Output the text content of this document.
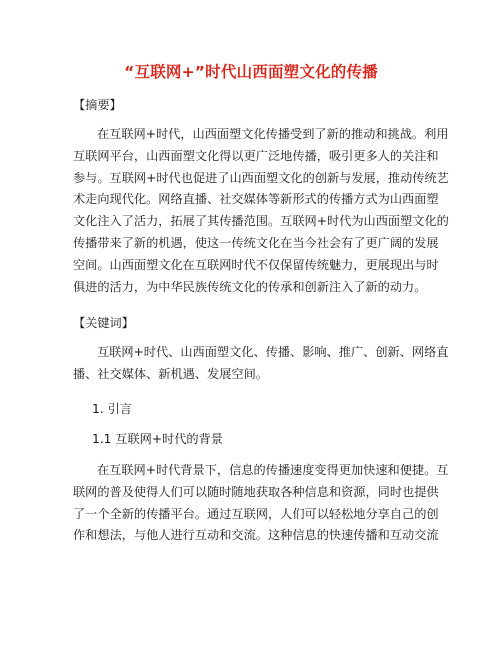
“互联网+”时代山西面塑文化的传播
【摘要】
在互联网+时代，山西面塑文化传播受到了新的推动和挑战。利用
互联网平台，山西面塑文化得以更广泛地传播，吸引更多人的关注和
参与。互联网+时代也促进了山西面塑文化的创新与发展，推动传统艺
术走向现代化。网络直播、社交媒体等新形式的传播方式为山西面塑
文化注入了活力，拓展了其传播范围。互联网+时代为山西面塑文化的
传播带来了新的机遇，使这一传统文化在当今社会有了更广阔的发展
空间。山西面塑文化在互联网时代不仅保留传统魅力，更展现出与时
俱进的活力，为中华民族传统文化的传承和创新注入了新的动力。
【关键词】
互联网+时代、山西面塑文化、传播、影响、推广、创新、网络直
播、社交媒体、新机遇、发展空间。
1. 引言
1.1 互联网+时代的背景
在互联网+时代背景下，信息的传播速度变得更加快速和便捷。互
联网的普及使得人们可以随时随地获取各种信息和资源，同时也提供
了一个全新的传播平台。通过互联网，人们可以轻松地分享自己的创
作和想法，与他人进行互动和交流。这种信息的快速传播和互动交流
